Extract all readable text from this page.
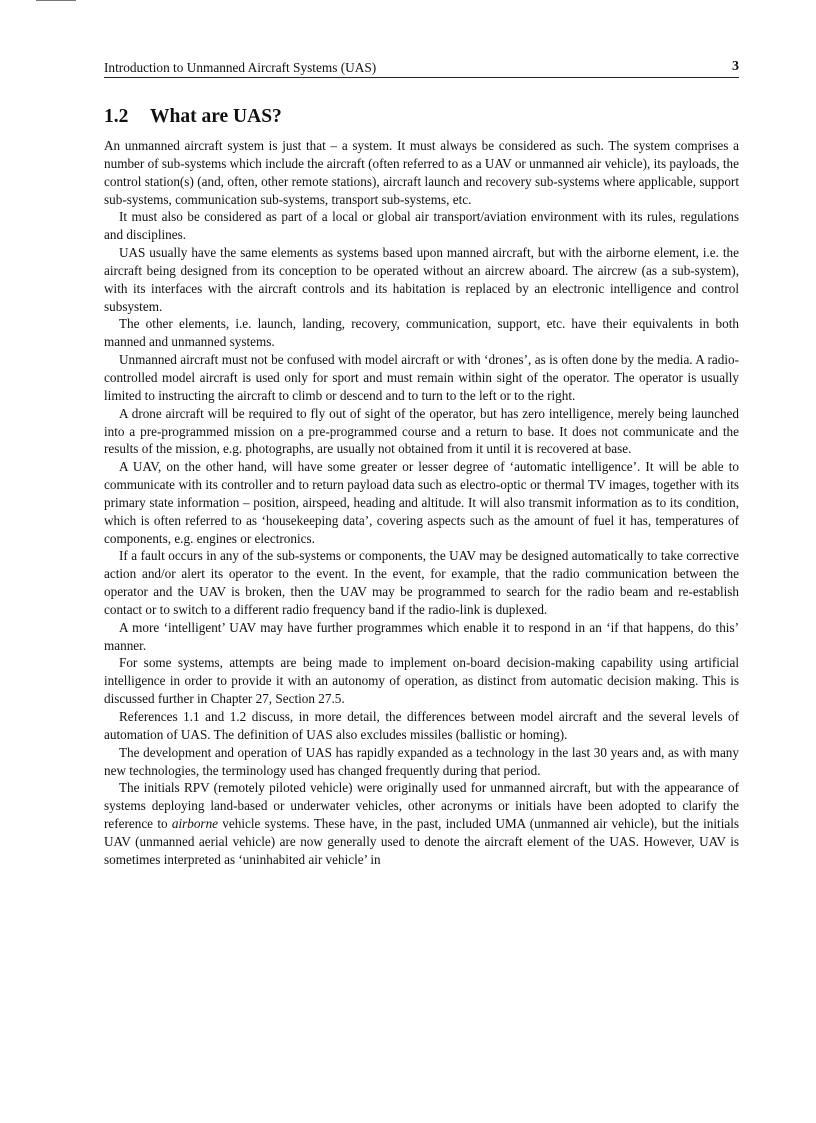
Introduction to Unmanned Aircraft Systems (UAS)	3
1.2 What are UAS?

An unmanned aircraft system is just that – a system. It must always be considered as such. The system comprises a number of sub-systems which include the aircraft (often referred to as a UAV or unmanned air vehicle), its payloads, the control station(s) (and, often, other remote stations), aircraft launch and recovery sub-systems where applicable, support sub-systems, communication sub-systems, transport sub-systems, etc.

It must also be considered as part of a local or global air transport/aviation environment with its rules, regulations and disciplines.

UAS usually have the same elements as systems based upon manned aircraft, but with the airborne element, i.e. the aircraft being designed from its conception to be operated without an aircrew aboard. The aircrew (as a sub-system), with its interfaces with the aircraft controls and its habitation is replaced by an electronic intelligence and control subsystem.

The other elements, i.e. launch, landing, recovery, communication, support, etc. have their equivalents in both manned and unmanned systems.

Unmanned aircraft must not be confused with model aircraft or with ‘drones’, as is often done by the media. A radio-controlled model aircraft is used only for sport and must remain within sight of the operator. The operator is usually limited to instructing the aircraft to climb or descend and to turn to the left or to the right.

A drone aircraft will be required to fly out of sight of the operator, but has zero intelligence, merely being launched into a pre-programmed mission on a pre-programmed course and a return to base. It does not communicate and the results of the mission, e.g. photographs, are usually not obtained from it until it is recovered at base.

A UAV, on the other hand, will have some greater or lesser degree of ‘automatic intelligence’. It will be able to communicate with its controller and to return payload data such as electro-optic or thermal TV images, together with its primary state information – position, airspeed, heading and altitude. It will also transmit information as to its condition, which is often referred to as ‘housekeeping data’, covering aspects such as the amount of fuel it has, temperatures of components, e.g. engines or electronics.

If a fault occurs in any of the sub-systems or components, the UAV may be designed automatically to take corrective action and/or alert its operator to the event. In the event, for example, that the radio communication between the operator and the UAV is broken, then the UAV may be programmed to search for the radio beam and re-establish contact or to switch to a different radio frequency band if the radio-link is duplexed.

A more ‘intelligent’ UAV may have further programmes which enable it to respond in an ‘if that happens, do this’ manner.

For some systems, attempts are being made to implement on-board decision-making capability using artificial intelligence in order to provide it with an autonomy of operation, as distinct from automatic decision making. This is discussed further in Chapter 27, Section 27.5.

References 1.1 and 1.2 discuss, in more detail, the differences between model aircraft and the several levels of automation of UAS. The definition of UAS also excludes missiles (ballistic or homing).

The development and operation of UAS has rapidly expanded as a technology in the last 30 years and, as with many new technologies, the terminology used has changed frequently during that period.

The initials RPV (remotely piloted vehicle) were originally used for unmanned aircraft, but with the appearance of systems deploying land-based or underwater vehicles, other acronyms or initials have been adopted to clarify the reference to airborne vehicle systems. These have, in the past, included UMA (unmanned air vehicle), but the initials UAV (unmanned aerial vehicle) are now generally used to denote the aircraft element of the UAS. However, UAV is sometimes interpreted as ‘uninhabited air vehicle’ in
